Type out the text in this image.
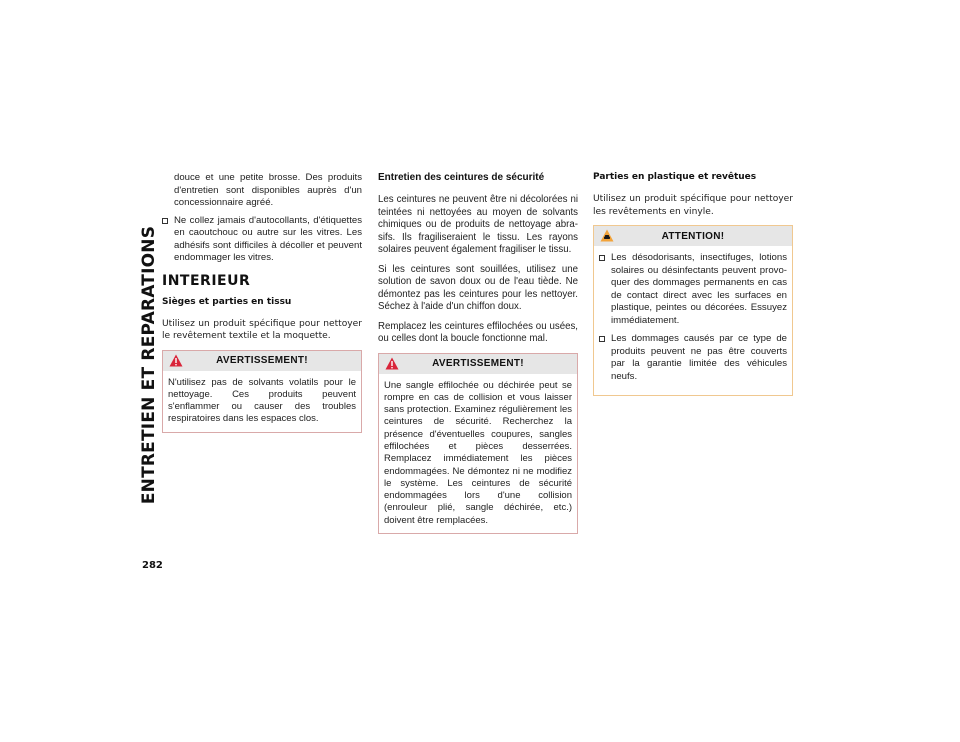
ENTRETIEN ET REPARATIONS
282
douce et une petite brosse. Des produits d'entretien sont disponibles auprès d'un concessionnaire agréé.
Ne collez jamais d'autocollants, d'étiquettes en caoutchouc ou autre sur les vitres. Les adhésifs sont difficiles à décoller et peuvent endommager les vitres.
INTERIEUR
Sièges et parties en tissu
Utilisez un produit spécifique pour nettoyer le revêtement textile et la moquette.
AVERTISSEMENT!
N'utilisez pas de solvants volatils pour le nettoyage. Ces produits peuvent s'enflammer ou causer des troubles respiratoires dans les espaces clos.
Entretien des ceintures de sécurité
Les ceintures ne peuvent être ni décolorées ni teintées ni nettoyées au moyen de solvants chimiques ou de produits de nettoyage abra-sifs. Ils fragiliseraient le tissu. Les rayons solaires peuvent également fragiliser le tissu.
Si les ceintures sont souillées, utilisez une solution de savon doux ou de l'eau tiède. Ne démontez pas les ceintures pour les nettoyer. Séchez à l'aide d'un chiffon doux.
Remplacez les ceintures effilochées ou usées, ou celles dont la boucle fonctionne mal.
AVERTISSEMENT!
Une sangle effilochée ou déchirée peut se rompre en cas de collision et vous laisser sans protection. Examinez régulièrement les ceintures de sécurité. Recherchez la présence d'éventuelles coupures, sangles effilochées et pièces desserrées. Remplacez immédiatement les pièces endommagées. Ne démontez ni ne modifiez le système. Les ceintures de sécurité endommagées lors d'une collision (enrouleur plié, sangle déchirée, etc.) doivent être remplacées.
Parties en plastique et revêtues
Utilisez un produit spécifique pour nettoyer les revêtements en vinyle.
ATTENTION!
Les désodorisants, insectifuges, lotions solaires ou désinfectants peuvent provo-quer des dommages permanents en cas de contact direct avec les surfaces en plastique, peintes ou décorées. Essuyez immédiatement.
Les dommages causés par ce type de produits peuvent ne pas être couverts par la garantie limitée des véhicules neufs.
